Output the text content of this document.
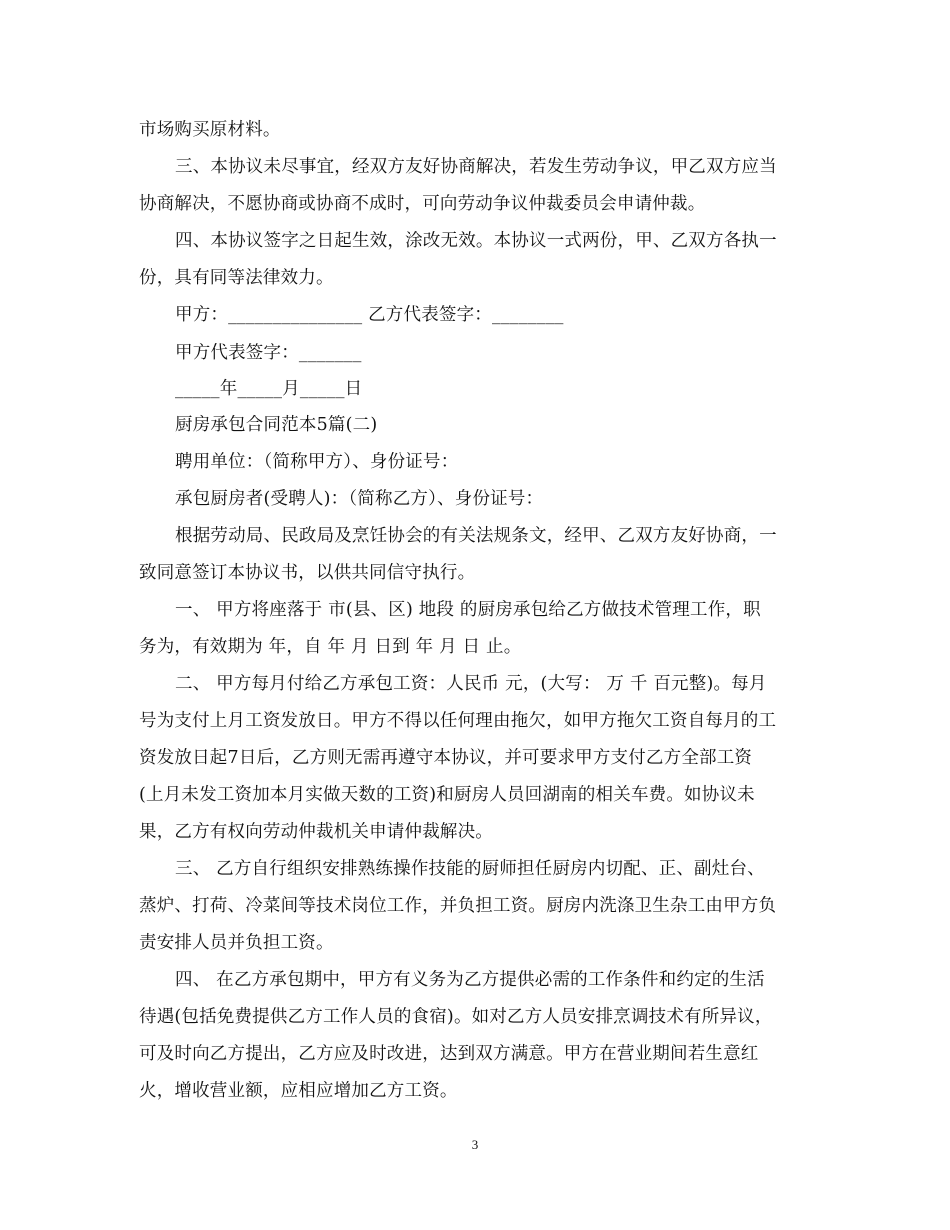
市场购买原材料。
三、本协议未尽事宜，经双方友好协商解决，若发生劳动争议，甲乙双方应当
协商解决，不愿协商或协商不成时，可向劳动争议仲裁委员会申请仲裁。
四、本协议签字之日起生效，涂改无效。本协议一式两份，甲、乙双方各执一
份，具有同等法律效力。
甲方：_______________ 乙方代表签字：________
甲方代表签字：_______
_____年_____月_____日
厨房承包合同范本5篇(二)
聘用单位：（简称甲方）、身份证号：
承包厨房者(受聘人)：（简称乙方）、身份证号：
根据劳动局、民政局及烹饪协会的有关法规条文，经甲、乙双方友好协商，一
致同意签订本协议书，以供共同信守执行。
一、 甲方将座落于 市(县、区) 地段 的厨房承包给乙方做技术管理工作，职
务为，有效期为 年，自 年 月 日到 年 月 日 止。
二、 甲方每月付给乙方承包工资：人民币 元，(大写： 万 千 百元整)。每月
号为支付上月工资发放日。甲方不得以任何理由拖欠，如甲方拖欠工资自每月的工
资发放日起7日后，乙方则无需再遵守本协议，并可要求甲方支付乙方全部工资
(上月未发工资加本月实做天数的工资)和厨房人员回湖南的相关车费。如协议未
果，乙方有权向劳动仲裁机关申请仲裁解决。
三、 乙方自行组织安排熟练操作技能的厨师担任厨房内切配、正、副灶台、
蒸炉、打荷、冷菜间等技术岗位工作，并负担工资。厨房内洗涤卫生杂工由甲方负
责安排人员并负担工资。
四、 在乙方承包期中，甲方有义务为乙方提供必需的工作条件和约定的生活
待遇(包括免费提供乙方工作人员的食宿)。如对乙方人员安排烹调技术有所异议，
可及时向乙方提出，乙方应及时改进，达到双方满意。甲方在营业期间若生意红
火，增收营业额，应相应增加乙方工资。
3
